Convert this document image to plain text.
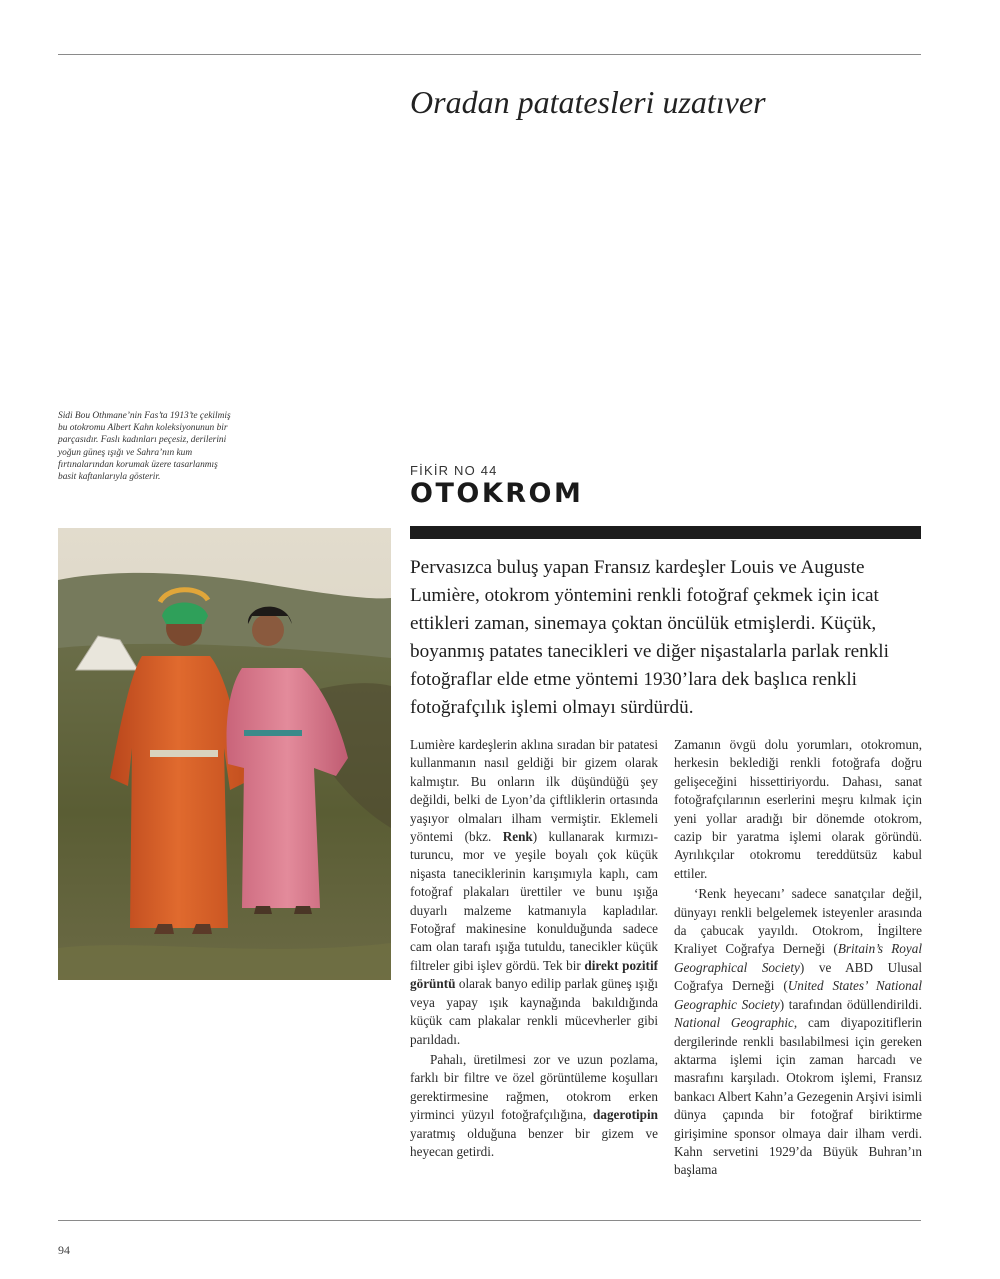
Oradan patatesleri uzatıver
Sidi Bou Othmane’nin Fas’ta 1913’te çekilmiş bu otokromu Albert Kahn koleksiyonunun bir parçasıdır. Faslı kadınları peçesiz, derilerini yoğun güneş ışığı ve Sahra’nın kum fırtınalarından korumak üzere tasarlanmış basit kaftanlarıyla gösterir.	FİKİR NO 44
OTOKROM

Pervasızca buluş yapan Fransız kardeşler Louis ve Auguste Lumière, otokrom yöntemini renkli fotoğraf çekmek için icat ettikleri zaman, sinemaya çoktan öncülük etmişlerdi. Küçük, boyanmış patates tanecikleri ve diğer nişastalarla parlak renkli fotoğraflar elde etme yöntemi 1930’lara dek başlıca renkli fotoğrafçılık işlemi olmayı sürdürdü.

Lumière kardeşlerin aklına sıradan bir patatesi kullanmanın nasıl geldiği bir gizem olarak kalmıştır. Bu onların ilk düşündüğü şey değildi, belki de Lyon’da çiftliklerin ortasında yaşıyor olmaları ilham vermiştir. Eklemeli yöntemi (bkz. Renk) kullanarak kırmızı-turuncu, mor ve yeşile boyalı çok küçük nişasta taneciklerinin karışımıyla kaplı, cam fotoğraf plakaları ürettiler ve bunu ışığa duyarlı malzeme katmanıyla kapladılar. Fotoğraf makinesine konulduğunda sadece cam olan tarafı ışığa tutuldu, tanecikler küçük filtreler gibi işlev gördü. Tek bir direkt pozitif görüntü olarak banyo edilip parlak güneş ışığı veya yapay ışık kaynağında bakıldığında küçük cam plakalar renkli mücevherler gibi parıldadı.

Pahalı, üretilmesi zor ve uzun pozlama, farklı bir filtre ve özel görüntüleme koşulları gerektirmesine rağmen, otokrom erken yirminci yüzyıl fotoğrafçılığına, dagerotipin yaratmış olduğuna benzer bir gizem ve heyecan getirdi.

Zamanın övgü dolu yorumları, otokromun, herkesin beklediği renkli fotoğrafa doğru gelişeceğini hissettiriyordu. Dahası, sanat fotoğrafçılarının eserlerini meşru kılmak için yeni yollar aradığı bir dönemde otokrom, cazip bir yaratma işlemi olarak göründü. Ayrılıkçılar otokromu tereddütsüz kabul ettiler.

‘Renk heyecanı’ sadece sanatçılar değil, dünyayı renkli belgelemek isteyenler arasında da çabucak yayıldı. Otokrom, İngiltere Kraliyet Coğrafya Derneği (Britain’s Royal Geographical Society) ve ABD Ulusal Coğrafya Derneği (United States’ National Geographic Society) tarafından ödüllendirildi. National Geographic, cam diyapozitiflerin dergilerinde renkli basılabilmesi için gereken aktarma işlemi için zaman harcadı ve masrafını karşıladı. Otokrom işlemi, Fransız bankacı Albert Kahn’a Gezegenin Arşivi isimli dünya çapında bir fotoğraf biriktirme girişimine sponsor olmaya dair ilham verdi. Kahn servetini 1929’da Büyük Buhran’ın başlama

94
